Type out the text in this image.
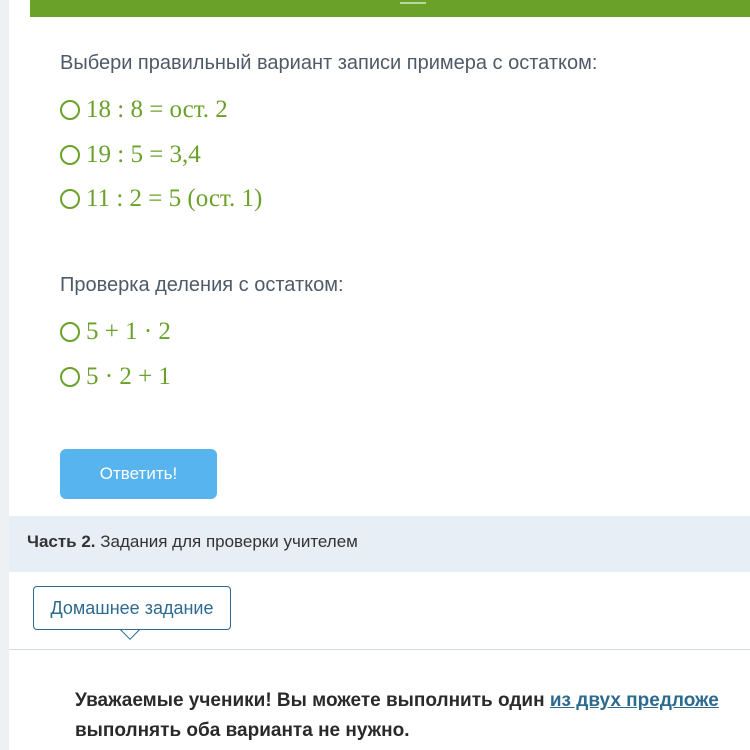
Выбери правильный вариант записи примера с остатком:
18 : 8 = ост. 2
19 : 5 = 3,4
11 : 2 = 5 (ост. 1)
Проверка деления с остатком:
5 + 1 · 2
5 · 2 + 1
Ответить!
Часть 2. Задания для проверки учителем
Домашнее задание
Уважаемые ученики! Вы можете выполнить один из двух предложе
выполнять оба варианта не нужно.
